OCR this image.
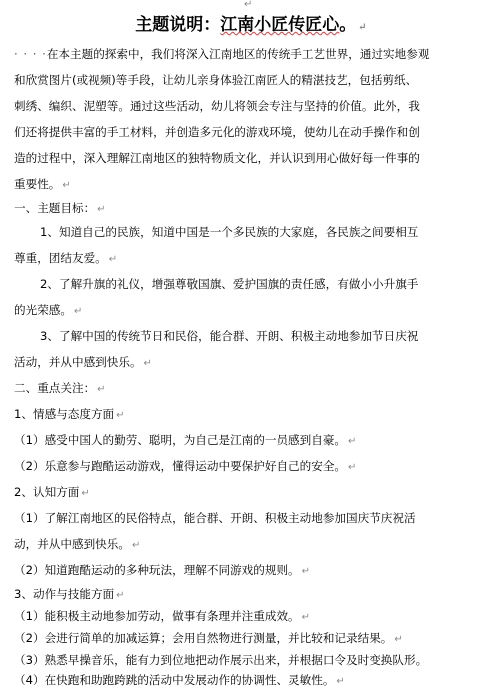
↵
主题说明：江南小匠传匠心。 ↵
· · · ·在本主题的探索中，我们将深入江南地区的传统手工艺世界，通过实地参观
和欣赏图片(或视频)等手段，让幼儿亲身体验江南匠人的精湛技艺，包括剪纸、
刺绣、编织、泥塑等。通过这些活动，幼儿将领会专注与坚持的价值。此外，我
们还将提供丰富的手工材料，并创造多元化的游戏环境，使幼儿在动手操作和创
造的过程中，深入理解江南地区的独特物质文化，并认识到用心做好每一件事的
重要性。 ↵
一、主题目标： ↵
1、知道自己的民族，知道中国是一个多民族的大家庭，各民族之间要相互
尊重，团结友爱。 ↵
2、了解升旗的礼仪，增强尊敬国旗、爱护国旗的责任感，有做小小升旗手
的光荣感。 ↵
3、了解中国的传统节日和民俗，能合群、开朗、积极主动地参加节日庆祝
活动，并从中感到快乐。 ↵
二、重点关注： ↵
1、情感与态度方面 ↵
（1）感受中国人的勤劳、聪明，为自己是江南的一员感到自豪。 ↵
（2）乐意参与跑酷运动游戏，懂得运动中要保护好自己的安全。 ↵
2、认知方面 ↵
（1）了解江南地区的民俗特点，能合群、开朗、积极主动地参加国庆节庆祝活
动，并从中感到快乐。 ↵
（2）知道跑酷运动的多种玩法，理解不同游戏的规则。 ↵
3、动作与技能方面 ↵
（1）能积极主动地参加劳动，做事有条理并注重成效。 ↵
（2）会进行简单的加减运算；会用自然物进行测量，并比较和记录结果。 ↵
（3）熟悉早操音乐，能有力到位地把动作展示出来，并根据口令及时变换队形。
（4）在快跑和助跑跨跳的活动中发展动作的协调性、灵敏性。 ↵
